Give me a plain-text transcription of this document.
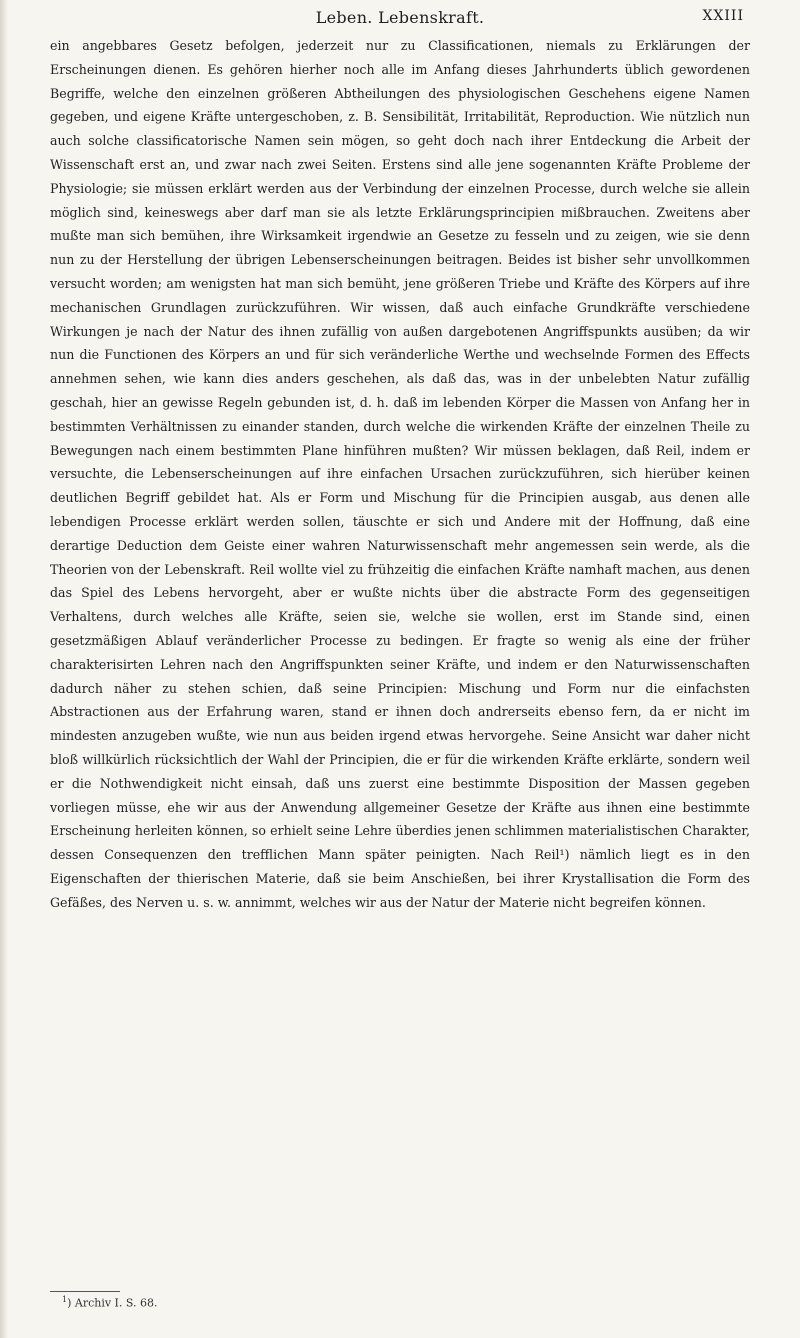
Leben. Lebenskraft.	XXIII

ein angebbares Gesetz befolgen, jederzeit nur zu Classificationen, niemals zu Erklärungen der Erscheinungen dienen. Es gehören hierher noch alle im Anfang dieses Jahrhunderts üblich gewordenen Begriffe, welche den einzelnen größeren Abtheilungen des physiologischen Geschehens eigene Namen gegeben, und eigene Kräfte untergeschoben, z. B. Sensibilität, Irritabilität, Reproduction. Wie nützlich nun auch solche classificatorische Namen sein mögen, so geht doch nach ihrer Entdeckung die Arbeit der Wissenschaft erst an, und zwar nach zwei Seiten. Erstens sind alle jene sogenannten Kräfte Probleme der Physiologie; sie müssen erklärt werden aus der Verbindung der einzelnen Processe, durch welche sie allein möglich sind, keineswegs aber darf man sie als letzte Erklärungsprincipien mißbrauchen. Zweitens aber mußte man sich bemühen, ihre Wirksamkeit irgendwie an Gesetze zu fesseln und zu zeigen, wie sie denn nun zu der Herstellung der übrigen Lebenserscheinungen beitragen. Beides ist bisher sehr unvollkommen versucht worden; am wenigsten hat man sich bemüht, jene größeren Triebe und Kräfte des Körpers auf ihre mechanischen Grundlagen zurückzuführen. Wir wissen, daß auch einfache Grundkräfte verschiedene Wirkungen je nach der Natur des ihnen zufällig von außen dargebotenen Angriffspunkts ausüben; da wir nun die Functionen des Körpers an und für sich veränderliche Werthe und wechselnde Formen des Effects annehmen sehen, wie kann dies anders geschehen, als daß das, was in der unbelebten Natur zufällig geschah, hier an gewisse Regeln gebunden ist, d. h. daß im lebenden Körper die Massen von Anfang her in bestimmten Verhältnissen zu einander standen, durch welche die wirkenden Kräfte der einzelnen Theile zu Bewegungen nach einem bestimmten Plane hinführen mußten? Wir müssen beklagen, daß Reil, indem er versuchte, die Lebenserscheinungen auf ihre einfachen Ursachen zurückzuführen, sich hierüber keinen deutlichen Begriff gebildet hat. Als er Form und Mischung für die Principien ausgab, aus denen alle lebendigen Processe erklärt werden sollen, täuschte er sich und Andere mit der Hoffnung, daß eine derartige Deduction dem Geiste einer wahren Naturwissenschaft mehr angemessen sein werde, als die Theorien von der Lebenskraft. Reil wollte viel zu frühzeitig die einfachen Kräfte namhaft machen, aus denen das Spiel des Lebens hervorgeht, aber er wußte nichts über die abstracte Form des gegenseitigen Verhaltens, durch welches alle Kräfte, seien sie, welche sie wollen, erst im Stande sind, einen gesetzmäßigen Ablauf veränderlicher Processe zu bedingen. Er fragte so wenig als eine der früher charakterisirten Lehren nach den Angriffspunkten seiner Kräfte, und indem er den Naturwissenschaften dadurch näher zu stehen schien, daß seine Principien: Mischung und Form nur die einfachsten Abstractionen aus der Erfahrung waren, stand er ihnen doch andrerseits ebenso fern, da er nicht im mindesten anzugeben wußte, wie nun aus beiden irgend etwas hervorgehe. Seine Ansicht war daher nicht bloß willkürlich rücksichtlich der Wahl der Principien, die er für die wirkenden Kräfte erklärte, sondern weil er die Nothwendigkeit nicht einsah, daß uns zuerst eine bestimmte Disposition der Massen gegeben vorliegen müsse, ehe wir aus der Anwendung allgemeiner Gesetze der Kräfte aus ihnen eine bestimmte Erscheinung herleiten können, so erhielt seine Lehre überdies jenen schlimmen materialistischen Charakter, dessen Consequenzen den trefflichen Mann später peinigten. Nach Reil¹) nämlich liegt es in den Eigenschaften der thierischen Materie, daß sie beim Anschießen, bei ihrer Krystallisation die Form des Gefäßes, des Nerven u. s. w. annimmt, welches wir aus der Natur der Materie nicht begreifen können.

$^1$) Archiv I. S. 68.
